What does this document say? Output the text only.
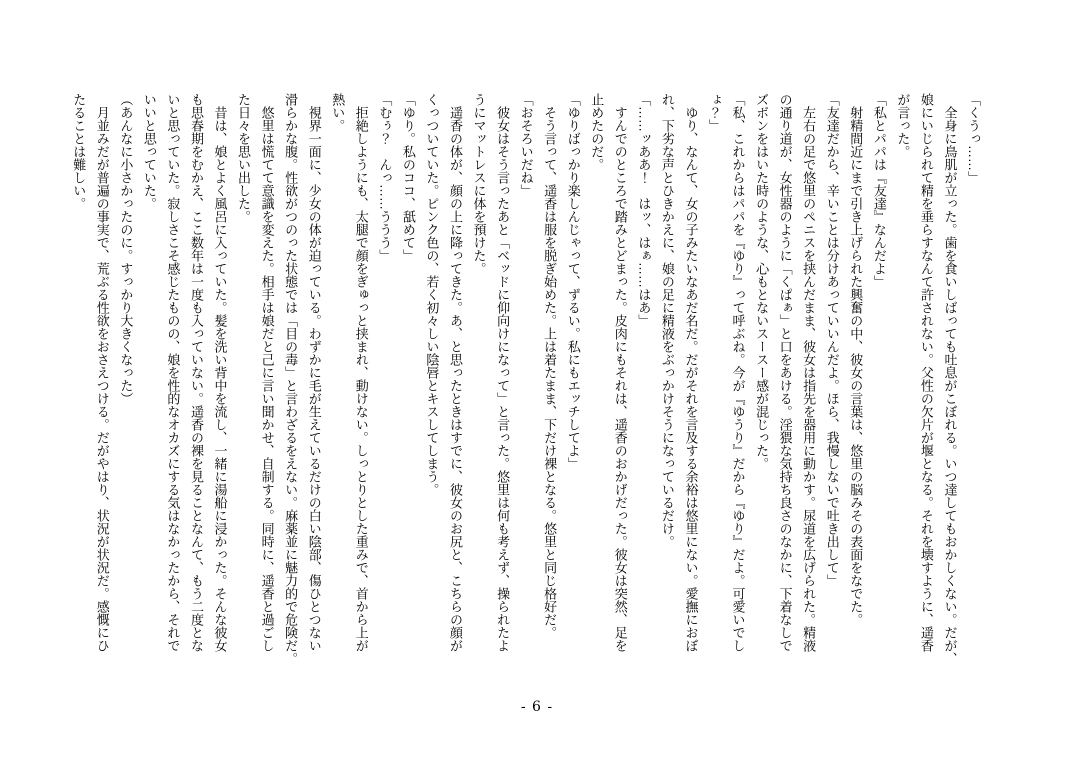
「くうっ……」
全身に鳥肌が立った。歯を食いしばっても吐息がこぼれる。いつ達してもおかしくない。だが、
娘にいじられて精を垂らすなんて許されない。父性の欠片が堰となる。それを壊すように、遥香
が言った。
「私とパパは『友達』なんだよ」
射精間近にまで引き上げられた興奮の中、彼女の言葉は、悠里の脳みその表面をなでた。
「友達だから、辛いことは分けあっていいんだよ。ほら、我慢しないで吐き出して」
左右の足で悠里のペニスを挟んだまま、彼女は指先を器用に動かす。尿道を広げられた。精液
の通り道が、女性器のように「くぱぁ」と口をあける。淫猥な気持ち良さのなかに、下着なしで
ズボンをはいた時のような、心もとないスースー感が混じった。
「私、これからはパパを『ゆり』って呼ぶね。今が『ゆうり』だから『ゆり』だよ。可愛いでし
ょ？」
ゆり、なんて、女の子みたいなあだ名だ。だがそれを言及する余裕は悠里にない。愛撫におぼ
れ、下劣な声とひきかえに、娘の足に精液をぶっかけそうになっているだけ。
「……ッああ！　はッ、はぁ……はあ」
すんでのところで踏みとどまった。皮肉にもそれは、遥香のおかげだった。彼女は突然、足を
止めたのだ。
「ゆりばっかり楽しんじゃって、ずるい。私にもエッチしてよ」
そう言って、遥香は服を脱ぎ始めた。上は着たまま、下だけ裸となる。悠里と同じ格好だ。
「おそろいだね」
彼女はそう言ったあと「ベッドに仰向けになって」と言った。悠里は何も考えず、操られたよ
うにマットレスに体を預けた。
遥香の体が、顔の上に降ってきた。あ、と思ったときはすでに、彼女のお尻と、こちらの顔が
くっついていた。ピンク色の、若く初々しい陰唇とキスしてしまう。
「ゆり。私のココ、舐めて」
「むぅ？　んっ……ううう」
拒絶しようにも、太腿で顔をぎゅっと挟まれ、動けない。しっとりとした重みで、首から上が
熱い。
視界一面に、少女の体が迫っている。わずかに毛が生えているだけの白い陰部、傷ひとつない
滑らかな腹。性欲がつのった状態では「目の毒」と言わざるをえない。麻薬並に魅力的で危険だ。
悠里は慌てて意識を変えた。相手は娘だと己に言い聞かせ、自制する。同時に、遥香と過ごし
た日々を思い出した。
昔は、娘とよく風呂に入っていた。髪を洗い背中を流し、一緒に湯船に浸かった。そんな彼女
も思春期をむかえ、ここ数年は一度も入っていない。遥香の裸を見ることなんて、もう二度とな
いと思っていた。寂しさこそ感じたものの、娘を性的なオカズにする気はなかったから、それで
いいと思っていた。
（あんなに小さかったのに。すっかり大きくなった）
月並みだが普遍の事実で、荒ぶる性欲をおさえつける。だがやはり、状況が状況だ。感慨にひ
たることは難しい。
- 6 -
